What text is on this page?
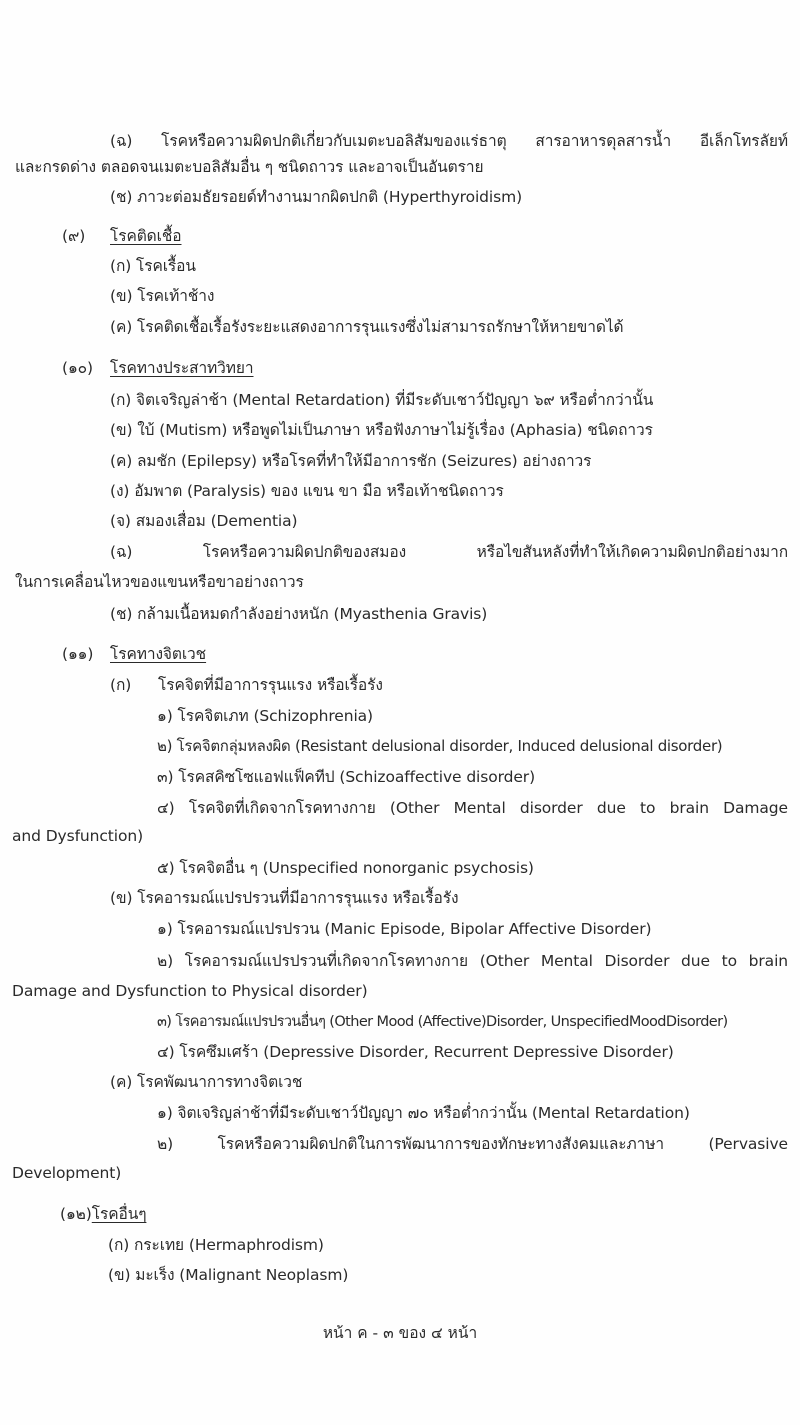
(ฉ) โรคหรือความผิดปกติเกี่ยวกับเมตะบอลิสัมของแร่ธาตุ สารอาหารดุลสารน้ำ อีเล็กโทรลัยท์
และกรดด่าง ตลอดจนเมตะบอลิสัมอื่น ๆ ชนิดถาวร และอาจเป็นอันตราย
(ช) ภาวะต่อมธัยรอยด์ทำงานมากผิดปกติ (Hyperthyroidism)
(๙) โรคติดเชื้อ
(ก) โรคเรื้อน
(ข) โรคเท้าช้าง
(ค) โรคติดเชื้อเรื้อรังระยะแสดงอาการรุนแรงซึ่งไม่สามารถรักษาให้หายขาดได้
(๑๐) โรคทางประสาทวิทยา
(ก) จิตเจริญล่าช้า (Mental Retardation) ที่มีระดับเชาว์ปัญญา ๖๙ หรือต่ำกว่านั้น
(ข) ใบ้ (Mutism) หรือพูดไม่เป็นภาษา หรือฟังภาษาไม่รู้เรื่อง (Aphasia) ชนิดถาวร
(ค) ลมชัก (Epilepsy) หรือโรคที่ทำให้มีอาการชัก (Seizures) อย่างถาวร
(ง) อัมพาต (Paralysis) ของ แขน ขา มือ หรือเท้าชนิดถาวร
(จ) สมองเสื่อม (Dementia)
(ฉ) โรคหรือความผิดปกติของสมอง หรือไขสันหลังที่ทำให้เกิดความผิดปกติอย่างมาก
ในการเคลื่อนไหวของแขนหรือขาอย่างถาวร
(ช) กล้ามเนื้อหมดกำลังอย่างหนัก (Myasthenia Gravis)
(๑๑) โรคทางจิตเวช
(ก) โรคจิตที่มีอาการรุนแรง หรือเรื้อรัง
๑) โรคจิตเภท (Schizophrenia)
๒) โรคจิตกลุ่มหลงผิด (Resistant delusional disorder, Induced delusional disorder)
๓) โรคสคิซโซแอฟแฟ็คทีป (Schizoaffective disorder)
๔) โรคจิตที่เกิดจากโรคทางกาย (Other Mental disorder due to brain Damage
and Dysfunction)
๕) โรคจิตอื่น ๆ (Unspecified nonorganic psychosis)
(ข) โรคอารมณ์แปรปรวนที่มีอาการรุนแรง หรือเรื้อรัง
๑) โรคอารมณ์แปรปรวน (Manic Episode, Bipolar Affective Disorder)
๒) โรคอารมณ์แปรปรวนที่เกิดจากโรคทางกาย (Other Mental Disorder due to brain
Damage and Dysfunction to Physical disorder)
๓) โรคอารมณ์แปรปรวนอื่นๆ (Other Mood (Affective)Disorder, UnspecifiedMoodDisorder)
๔) โรคซึมเศร้า (Depressive Disorder, Recurrent Depressive Disorder)
(ค) โรคพัฒนาการทางจิตเวช
๑) จิตเจริญล่าช้าที่มีระดับเชาว์ปัญญา ๗๐ หรือต่ำกว่านั้น (Mental Retardation)
๒) โรคหรือความผิดปกติในการพัฒนาการของทักษะทางสังคมและภาษา (Pervasive
Development)
(๑๒)โรคอื่นๆ
(ก) กระเทย (Hermaphrodism)
(ข) มะเร็ง (Malignant Neoplasm)
หน้า ค - ๓ ของ ๔ หน้า
